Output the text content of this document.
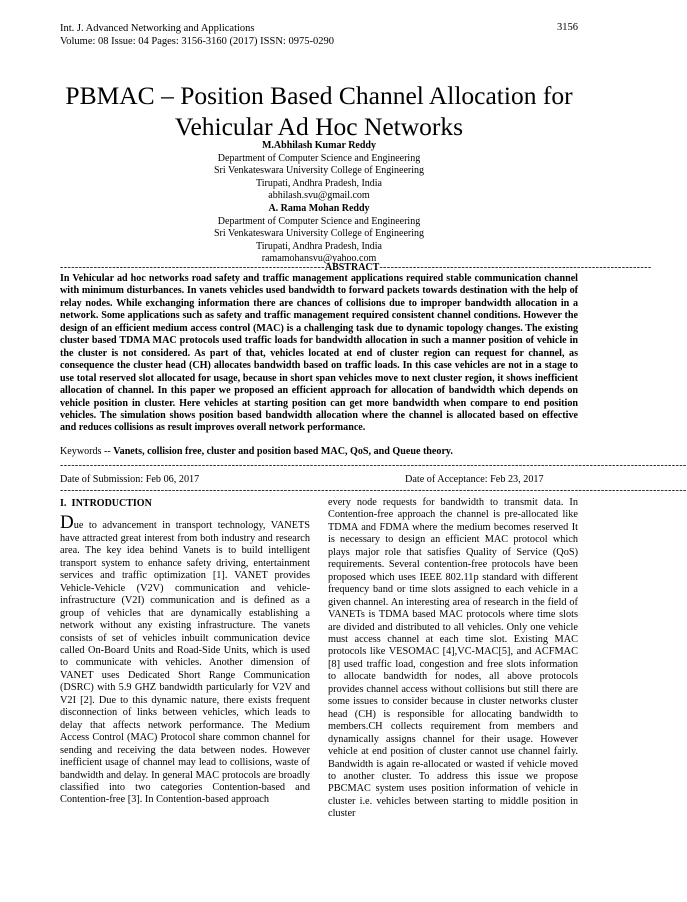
Int. J. Advanced Networking and Applications
Volume: 08 Issue: 04 Pages: 3156-3160 (2017) ISSN: 0975-0290
3156
PBMAC – Position Based Channel Allocation for Vehicular Ad Hoc Networks
M.Abhilash Kumar Reddy
Department of Computer Science and Engineering
Sri Venkateswara University College of Engineering
Tirupati, Andhra Pradesh, India
abhilash.svu@gmail.com
A. Rama Mohan Reddy
Department of Computer Science and Engineering
Sri Venkateswara University College of Engineering
Tirupati, Andhra Pradesh, India
ramamohansvu@yahoo.com
-----------------------------------------------------------------------ABSTRACT-------------------------------------------------------------------------
In Vehicular ad hoc networks road safety and traffic management applications required stable communication channel with minimum disturbances. In vanets vehicles used bandwidth to forward packets towards destination with the help of relay nodes. While exchanging information there are chances of collisions due to improper bandwidth allocation in a network. Some applications such as safety and traffic management required consistent channel conditions. However the design of an efficient medium access control (MAC) is a challenging task due to dynamic topology changes. The existing cluster based TDMA MAC protocols used traffic loads for bandwidth allocation in such a manner position of vehicle in the cluster is not considered. As part of that, vehicles located at end of cluster region can request for channel, as consequence the cluster head (CH) allocates bandwidth based on traffic loads. In this case vehicles are not in a stage to use total reserved slot allocated for usage, because in short span vehicles move to next cluster region, it shows inefficient allocation of channel. In this paper we proposed an efficient approach for allocation of bandwidth which depends on vehicle position in cluster. Here vehicles at starting position can get more bandwidth when compare to end position vehicles. The simulation shows position based bandwidth allocation where the channel is allocated based on effective and reduces collisions as result improves overall network performance.
Keywords -- Vanets, collision free, cluster and position based MAC, QoS, and Queue theory.
------------------------------------------------------------------------------------------------------------------------------------------------------------------------
Date of Submission: Feb 06, 2017	Date of Acceptance: Feb 23, 2017
------------------------------------------------------------------------------------------------------------------------------------------------------------------------
I. INTRODUCTION
Due to advancement in transport technology, VANETS have attracted great interest from both industry and research area. The key idea behind Vanets is to build intelligent transport system to enhance safety driving, entertainment services and traffic optimization [1]. VANET provides Vehicle-Vehicle (V2V) communication and vehicle-infrastructure (V2I) communication and is defined as a group of vehicles that are dynamically establishing a network without any existing infrastructure. The vanets consists of set of vehicles inbuilt communication device called On-Board Units and Road-Side Units, which is used to communicate with vehicles. Another dimension of VANET uses Dedicated Short Range Communication (DSRC) with 5.9 GHZ bandwidth particularly for V2V and V2I [2]. Due to this dynamic nature, there exists frequent disconnection of links between vehicles, which leads to delay that affects network performance. The Medium Access Control (MAC) Protocol share common channel for sending and receiving the data between nodes. However inefficient usage of channel may lead to collisions, waste of bandwidth and delay. In general MAC protocols are broadly classified into two categories Contention-based and Contention-free [3]. In Contention-based approach
every node requests for bandwidth to transmit data. In Contention-free approach the channel is pre-allocated like TDMA and FDMA where the medium becomes reserved It is necessary to design an efficient MAC protocol which plays major role that satisfies Quality of Service (QoS) requirements. Several contention-free protocols have been proposed which uses IEEE 802.11p standard with different frequency band or time slots assigned to each vehicle in a given channel. An interesting area of research in the field of VANETs is TDMA based MAC protocols where time slots are divided and distributed to all vehicles. Only one vehicle must access channel at each time slot. Existing MAC protocols like VESOMAC [4],VC-MAC[5], and ACFMAC [8] used traffic load, congestion and free slots information to allocate bandwidth for nodes, all above protocols provides channel access without collisions but still there are some issues to consider because in cluster networks cluster head (CH) is responsible for allocating bandwidth to members.CH collects requirement from members and dynamically assigns channel for their usage. However vehicle at end position of cluster cannot use channel fairly. Bandwidth is again re-allocated or wasted if vehicle moved to another cluster. To address this issue we propose PBCMAC system uses position information of vehicle in cluster i.e. vehicles between starting to middle position in cluster
